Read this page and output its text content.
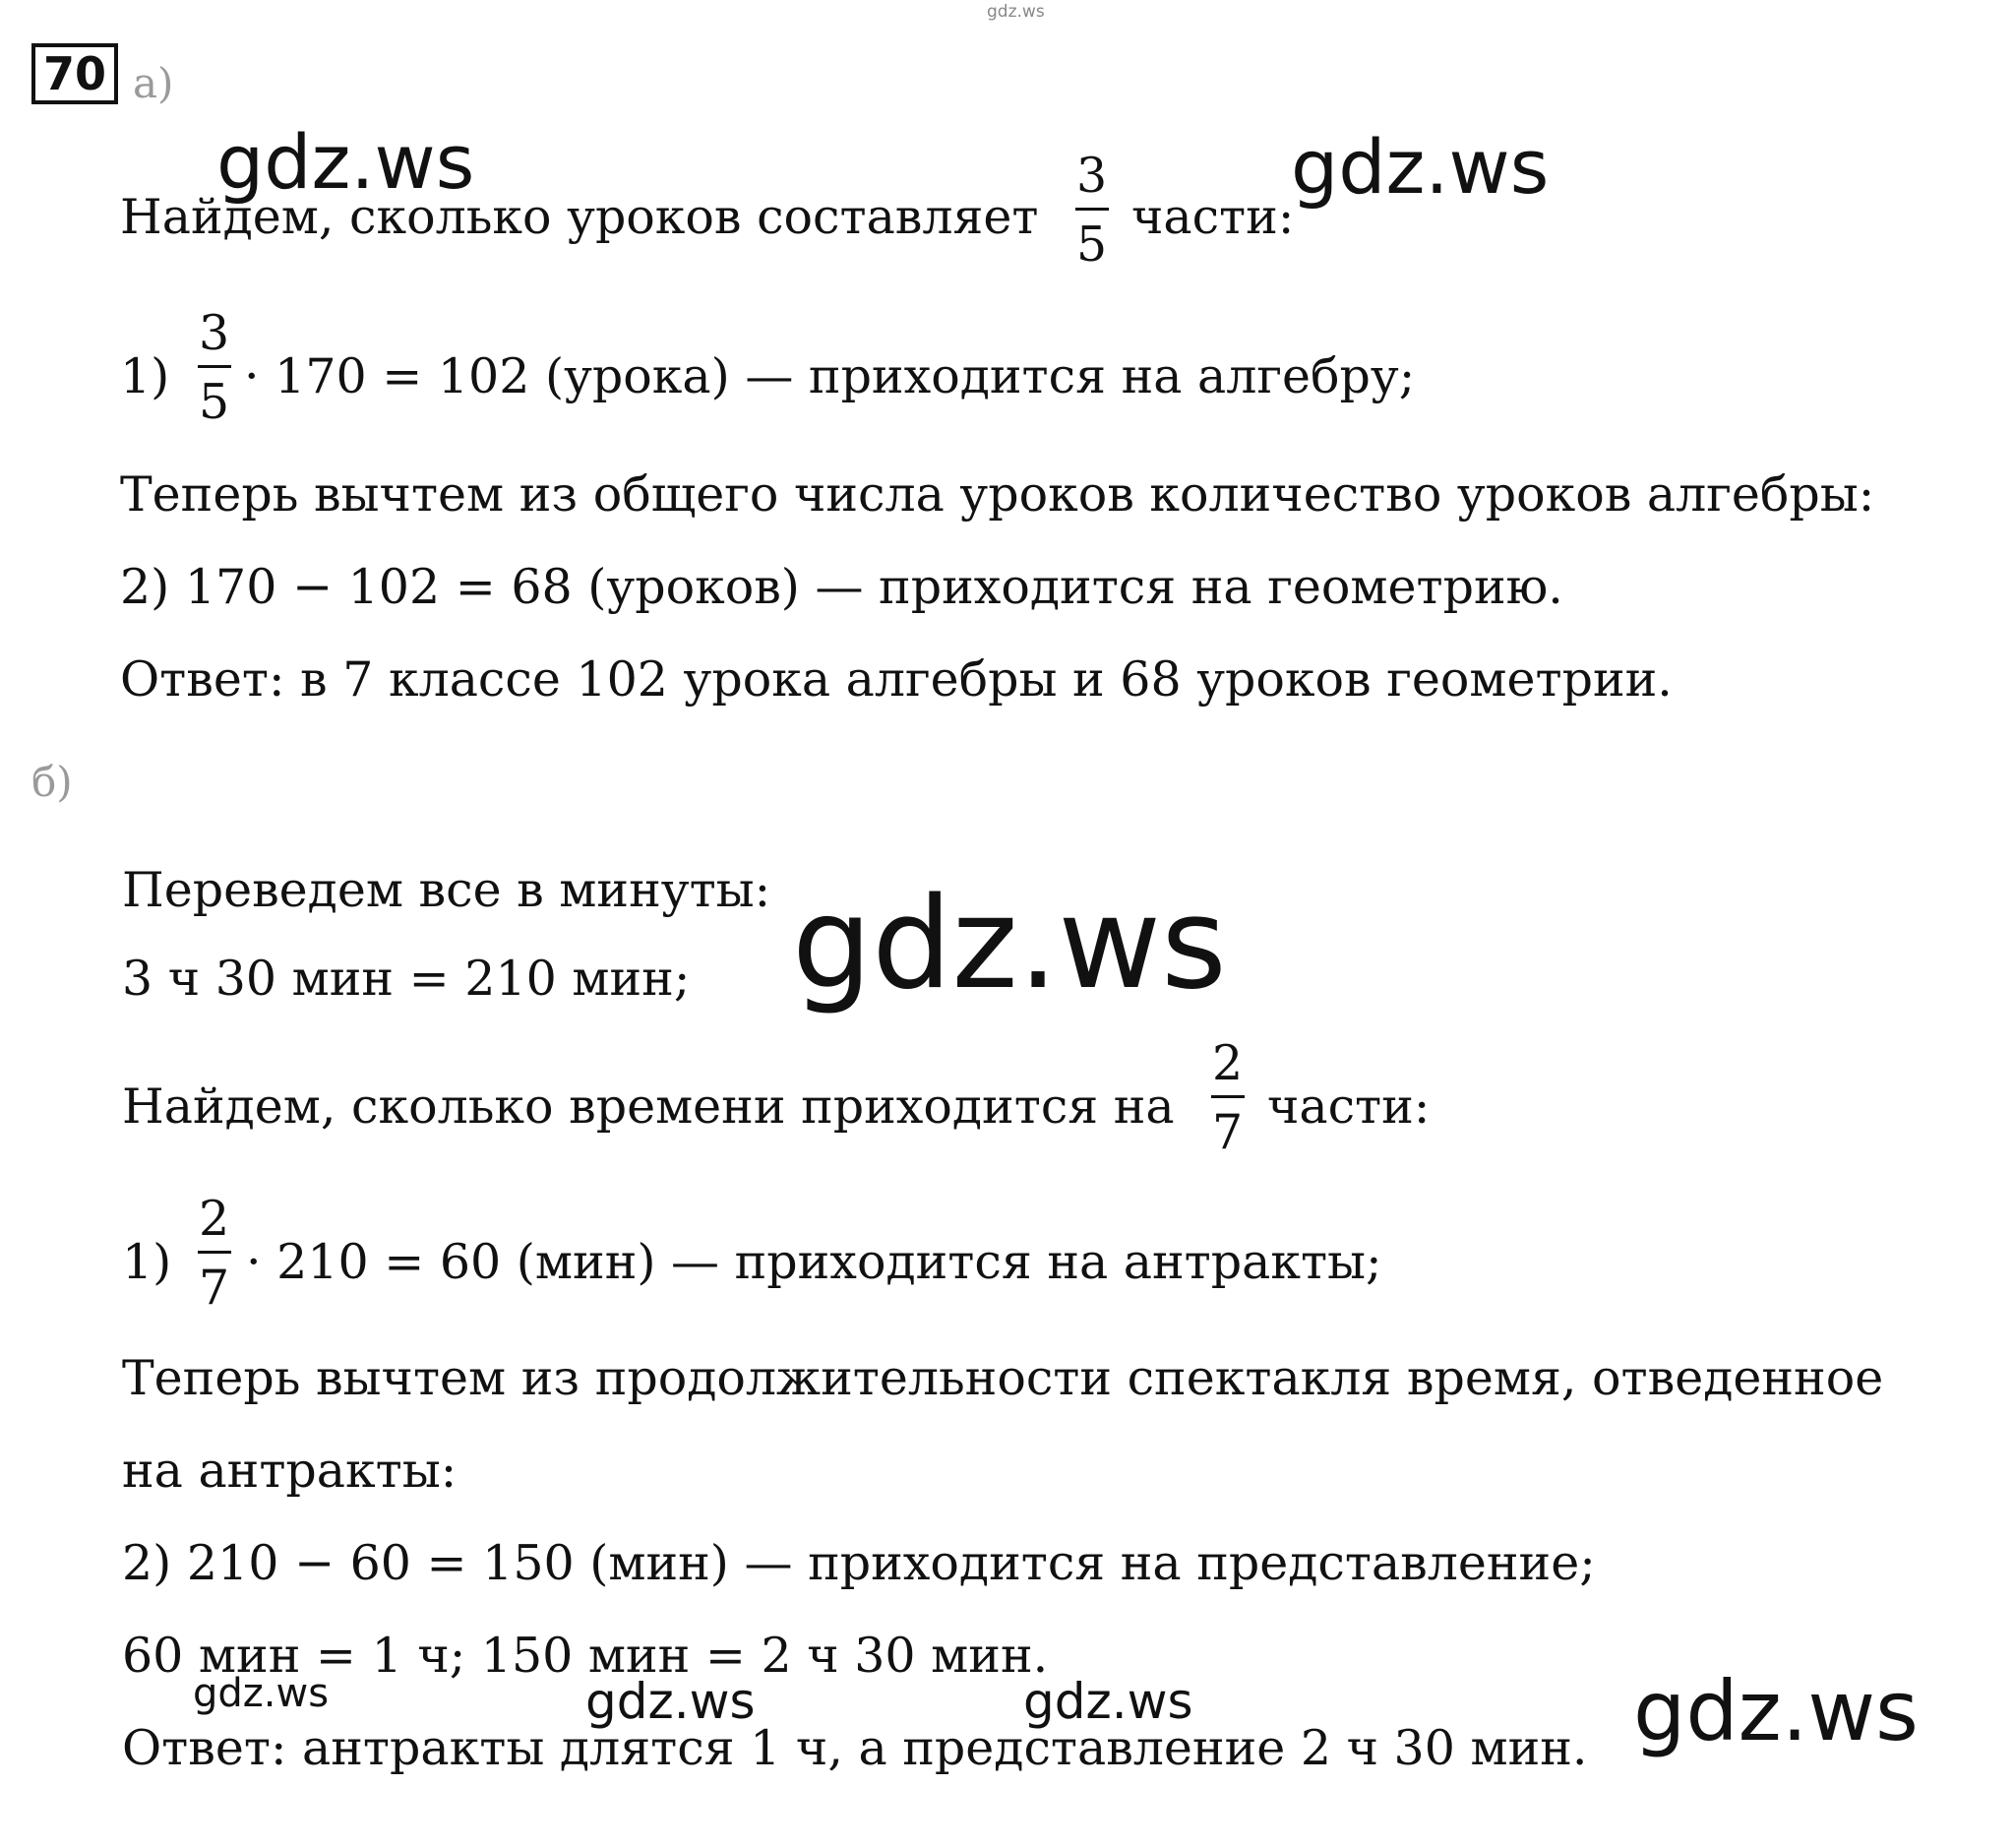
gdz.ws
70 а)
gdz.ws	gdz.ws
Найдем, сколько уроков составляет
3
5 части:
1)
3
5 · 170 = 102 (урока) — приходится на алгебру;
Теперь вычтем из общего числа уроков количество уроков алгебры:
2) 170 − 102 = 68 (уроков) — приходится на геометрию.
Ответ: в 7 классе 102 урока алгебры и 68 уроков геометрии.
б)
Переведем все в минуты:
3 ч 30 мин = 210 мин; gdz.ws
Найдем, сколько времени приходится на
2
7 части:
1)
2
7 · 210 = 60 (мин) — приходится на антракты;
Теперь вычтем из продолжительности спектакля время, отведенное
на антракты:
2) 210 − 60 = 150 (мин) — приходится на представление;
60 мин = 1 ч; 150 мин = 2 ч 30 мин.
gdz.ws	gdz.ws	gdz.ws	gdz.ws
Ответ: антракты длятся 1 ч, а представление 2 ч 30 мин.
